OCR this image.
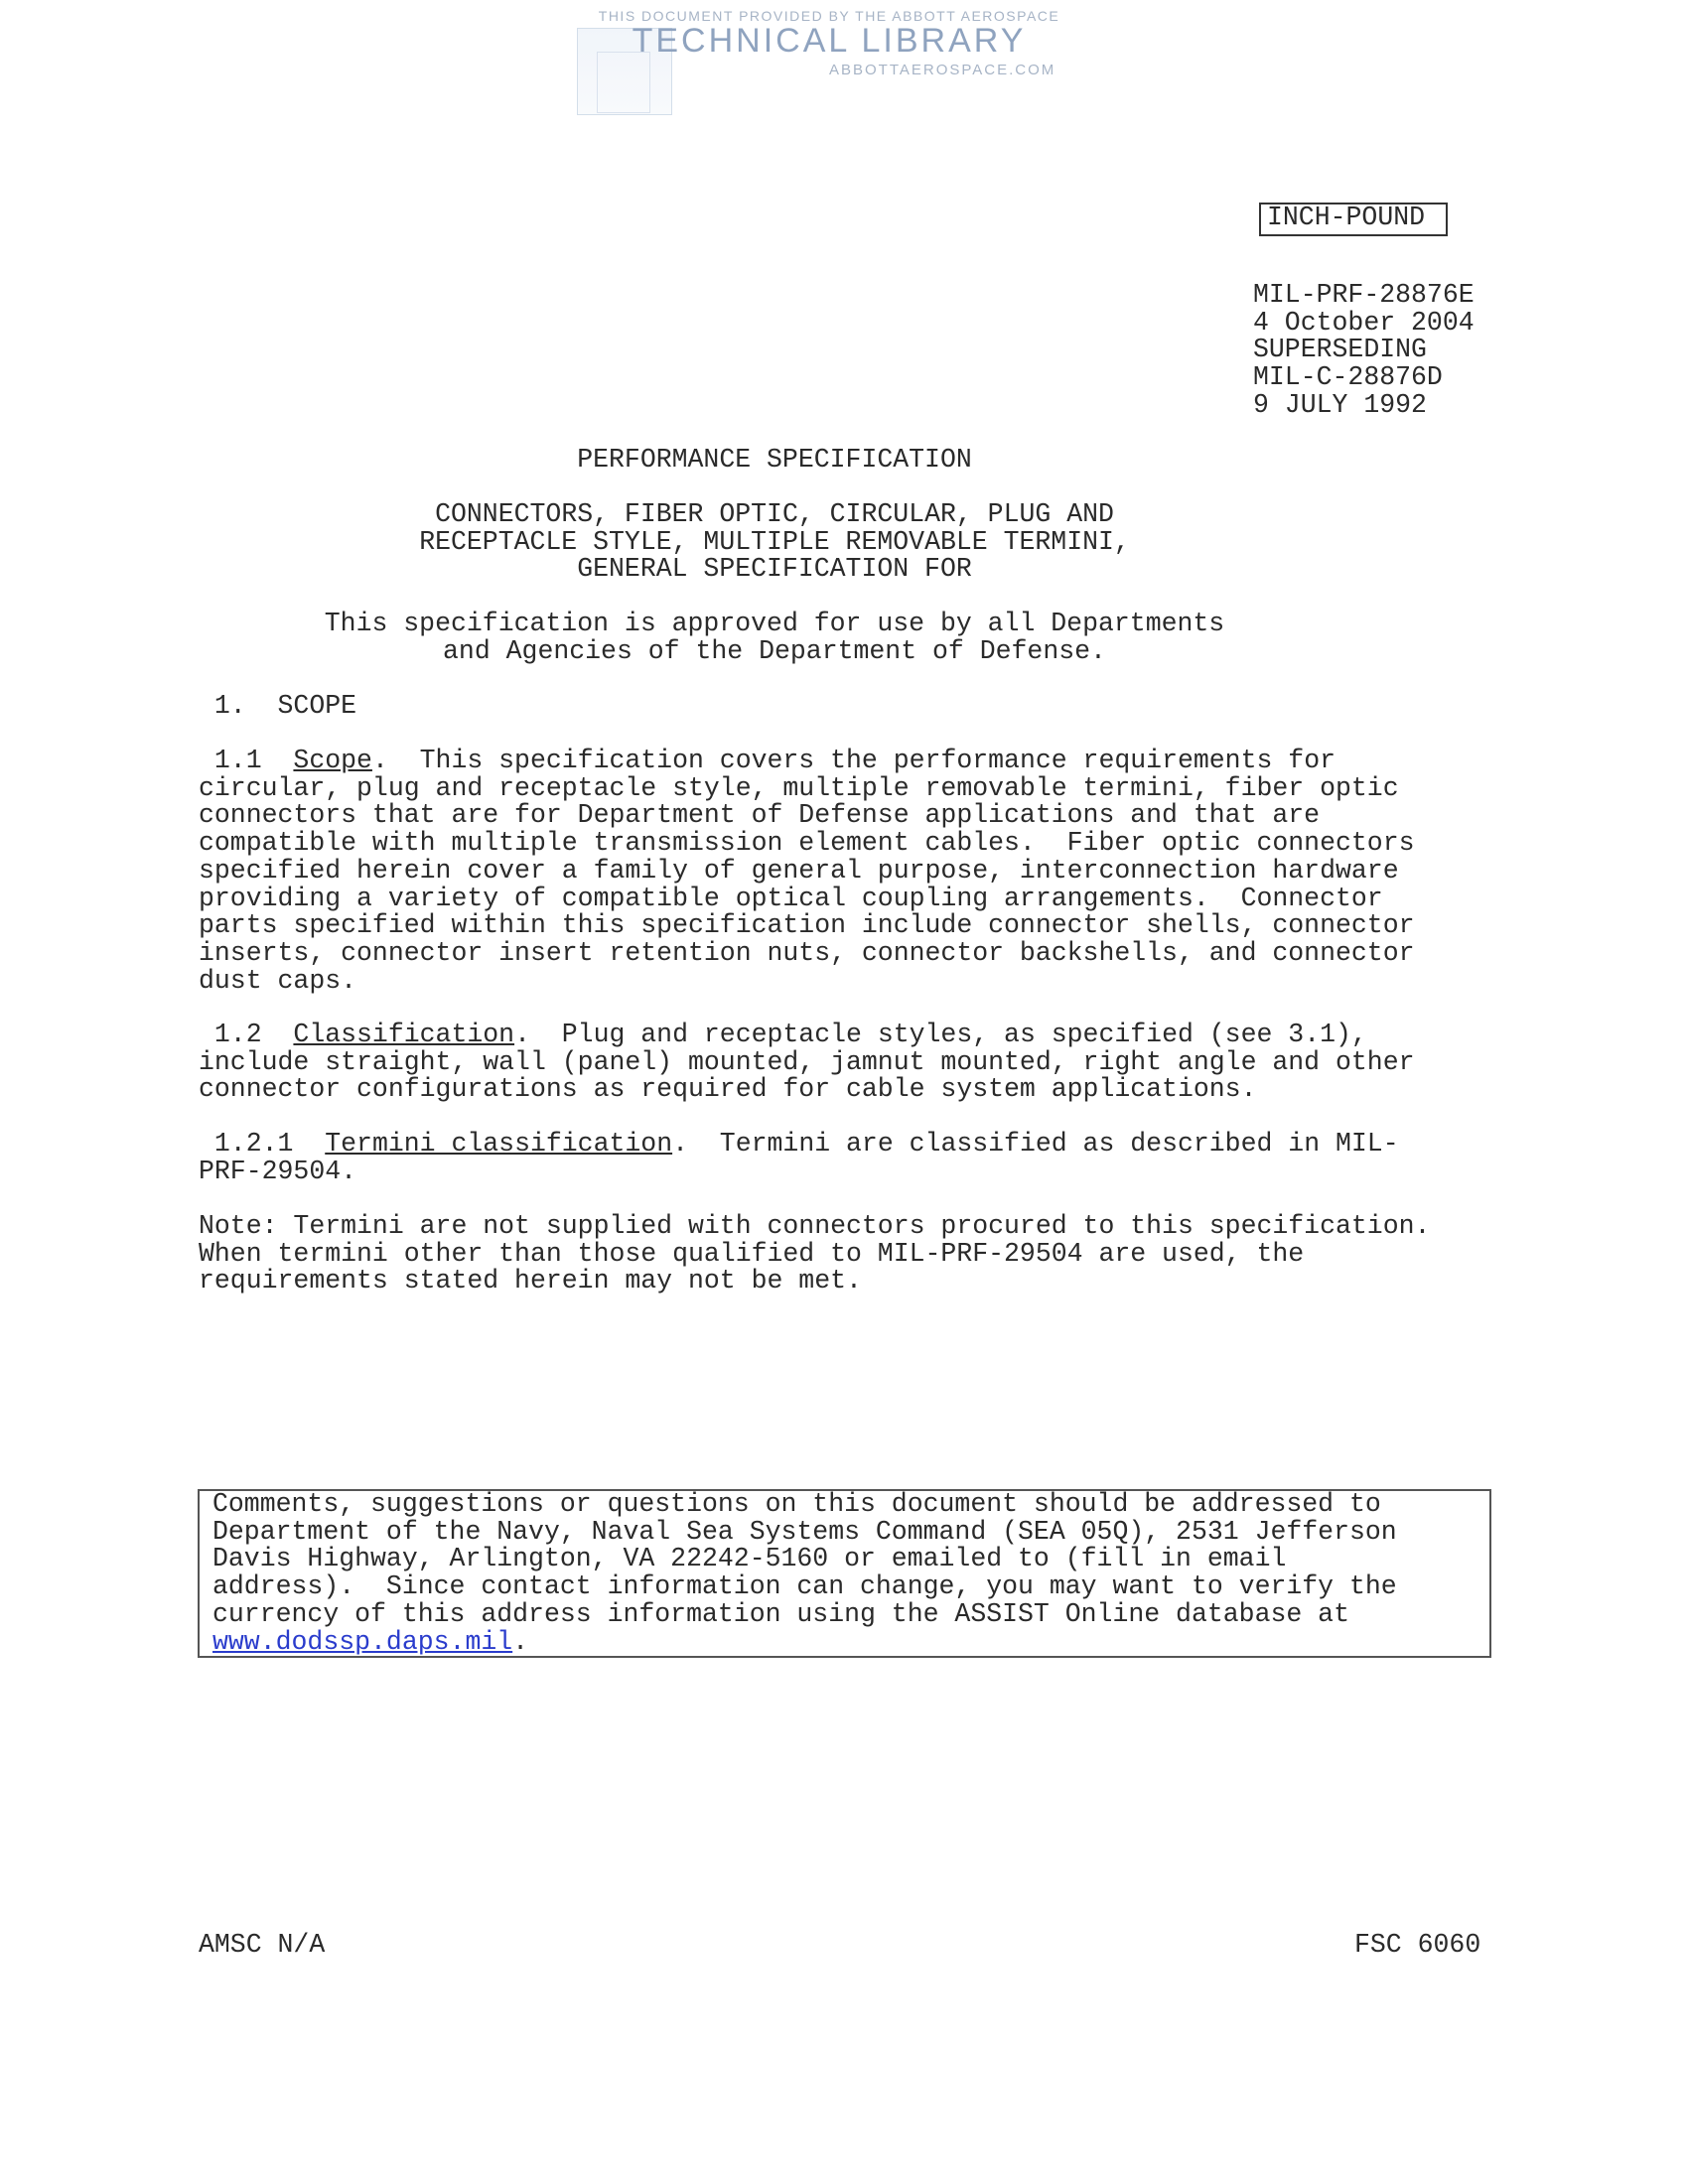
THIS DOCUMENT PROVIDED BY THE ABBOTT AEROSPACE
TECHNICAL LIBRARY
ABBOTTAEROSPACE.COM
INCH-POUND
MIL-PRF-28876E
4 October 2004
SUPERSEDING
MIL-C-28876D
9 JULY 1992
PERFORMANCE SPECIFICATION
CONNECTORS, FIBER OPTIC, CIRCULAR, PLUG AND
RECEPTACLE STYLE, MULTIPLE REMOVABLE TERMINI,
GENERAL SPECIFICATION FOR
This specification is approved for use by all Departments
and Agencies of the Department of Defense.
1.  SCOPE
1.1  Scope.  This specification covers the performance requirements for
circular, plug and receptacle style, multiple removable termini, fiber optic
connectors that are for Department of Defense applications and that are
compatible with multiple transmission element cables.  Fiber optic connectors
specified herein cover a family of general purpose, interconnection hardware
providing a variety of compatible optical coupling arrangements.  Connector
parts specified within this specification include connector shells, connector
inserts, connector insert retention nuts, connector backshells, and connector
dust caps.
1.2  Classification.  Plug and receptacle styles, as specified (see 3.1),
include straight, wall (panel) mounted, jamnut mounted, right angle and other
connector configurations as required for cable system applications.
1.2.1  Termini classification.  Termini are classified as described in MIL-
PRF-29504.
Note: Termini are not supplied with connectors procured to this specification.
When termini other than those qualified to MIL-PRF-29504 are used, the
requirements stated herein may not be met.
Comments, suggestions or questions on this document should be addressed to
Department of the Navy, Naval Sea Systems Command (SEA 05Q), 2531 Jefferson
Davis Highway, Arlington, VA 22242-5160 or emailed to (fill in email
address).  Since contact information can change, you may want to verify the
currency of this address information using the ASSIST Online database at
www.dodssp.daps.mil.
AMSC N/A	FSC 6060
